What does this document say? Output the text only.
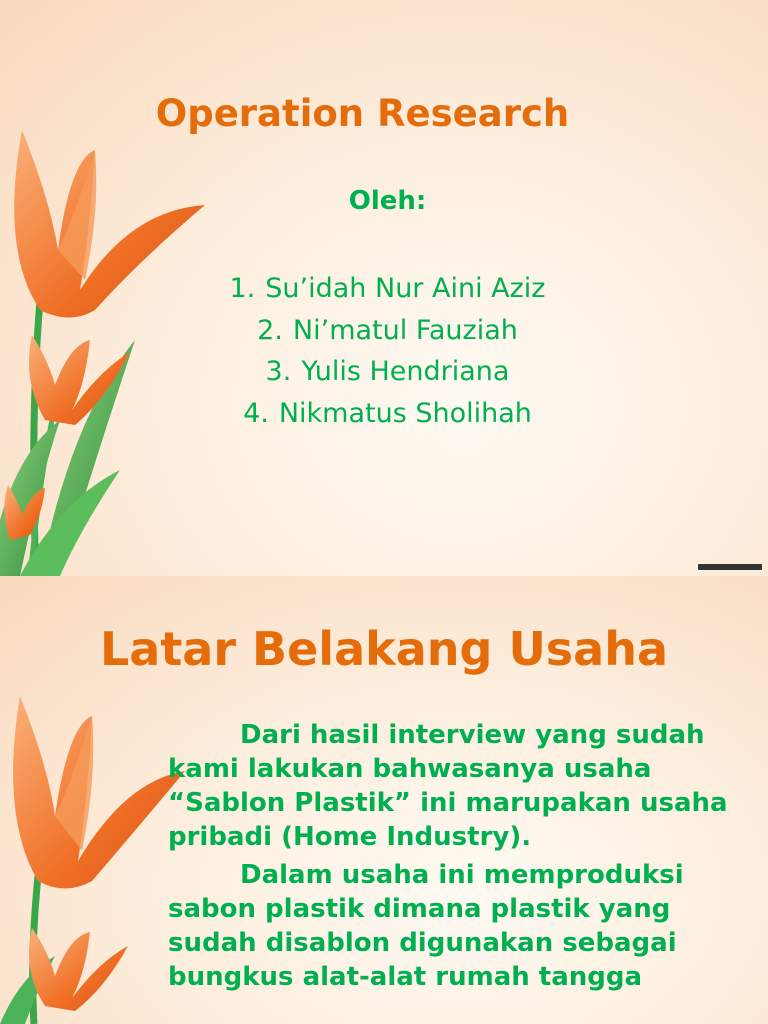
Operation Research
Oleh:
1. Su’idah Nur Aini Aziz
2. Ni’matul Fauziah
3. Yulis Hendriana
4. Nikmatus Sholihah
Latar Belakang Usaha

Dari hasil interview yang sudah kami lakukan bahwasanya usaha “Sablon Plastik” ini marupakan usaha pribadi (Home Industry).

Dalam usaha ini memproduksi sabon plastik dimana plastik yang sudah disablon digunakan sebagai bungkus alat-alat rumah tangga
